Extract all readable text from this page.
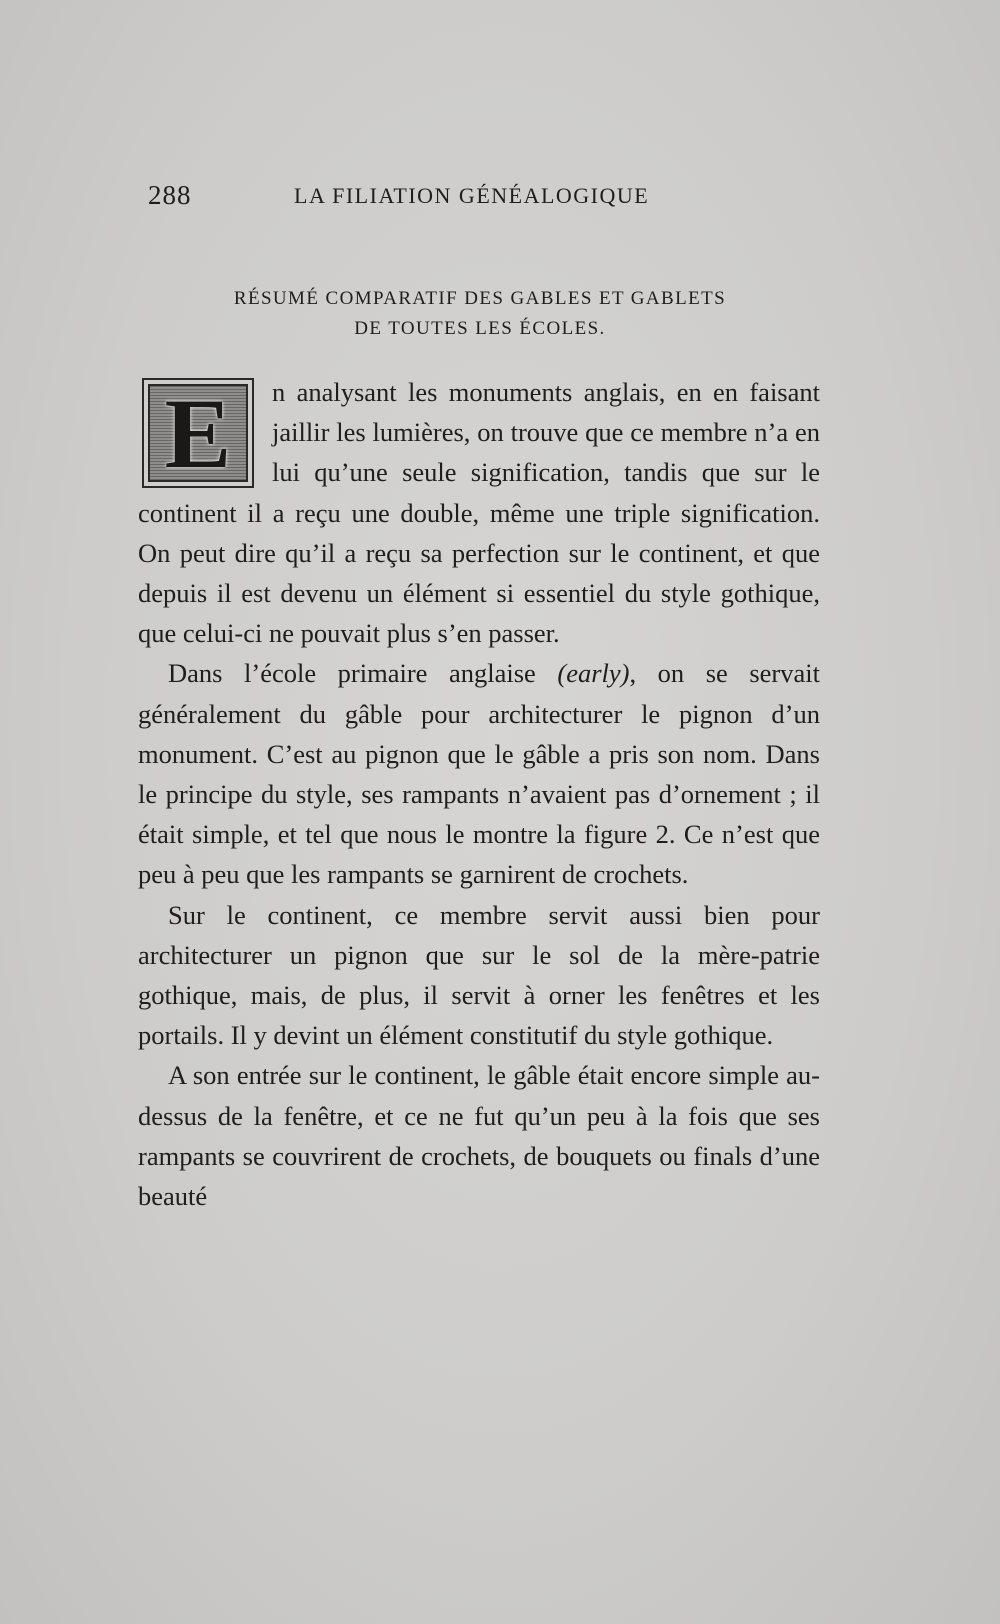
288	LA FILIATION GÉNÉALOGIQUE
RÉSUMÉ COMPARATIF DES GABLES ET GABLETS
DE TOUTES LES ÉCOLES.

E	n analysant les monuments anglais, en en faisant jaillir les lumières, on trouve que ce membre n’a en lui qu’une seule signification, tandis que sur le continent il a reçu une double, même une triple signification. On peut dire qu’il a reçu sa perfection sur le continent, et que depuis il est devenu un élément si essentiel du style gothique, que celui-ci ne pouvait plus s’en passer.

Dans l’école primaire anglaise (early), on se servait généralement du gâble pour architecturer le pignon d’un monument. C’est au pignon que le gâble a pris son nom. Dans le principe du style, ses rampants n’avaient pas d’ornement ; il était simple, et tel que nous le montre la figure 2. Ce n’est que peu à peu que les rampants se garnirent de crochets.

Sur le continent, ce membre servit aussi bien pour architecturer un pignon que sur le sol de la mère-patrie gothique, mais, de plus, il servit à orner les fenêtres et les portails. Il y devint un élément constitutif du style gothique.

A son entrée sur le continent, le gâble était encore simple au-dessus de la fenêtre, et ce ne fut qu’un peu à la fois que ses rampants se couvrirent de crochets, de bouquets ou finals d’une beauté
